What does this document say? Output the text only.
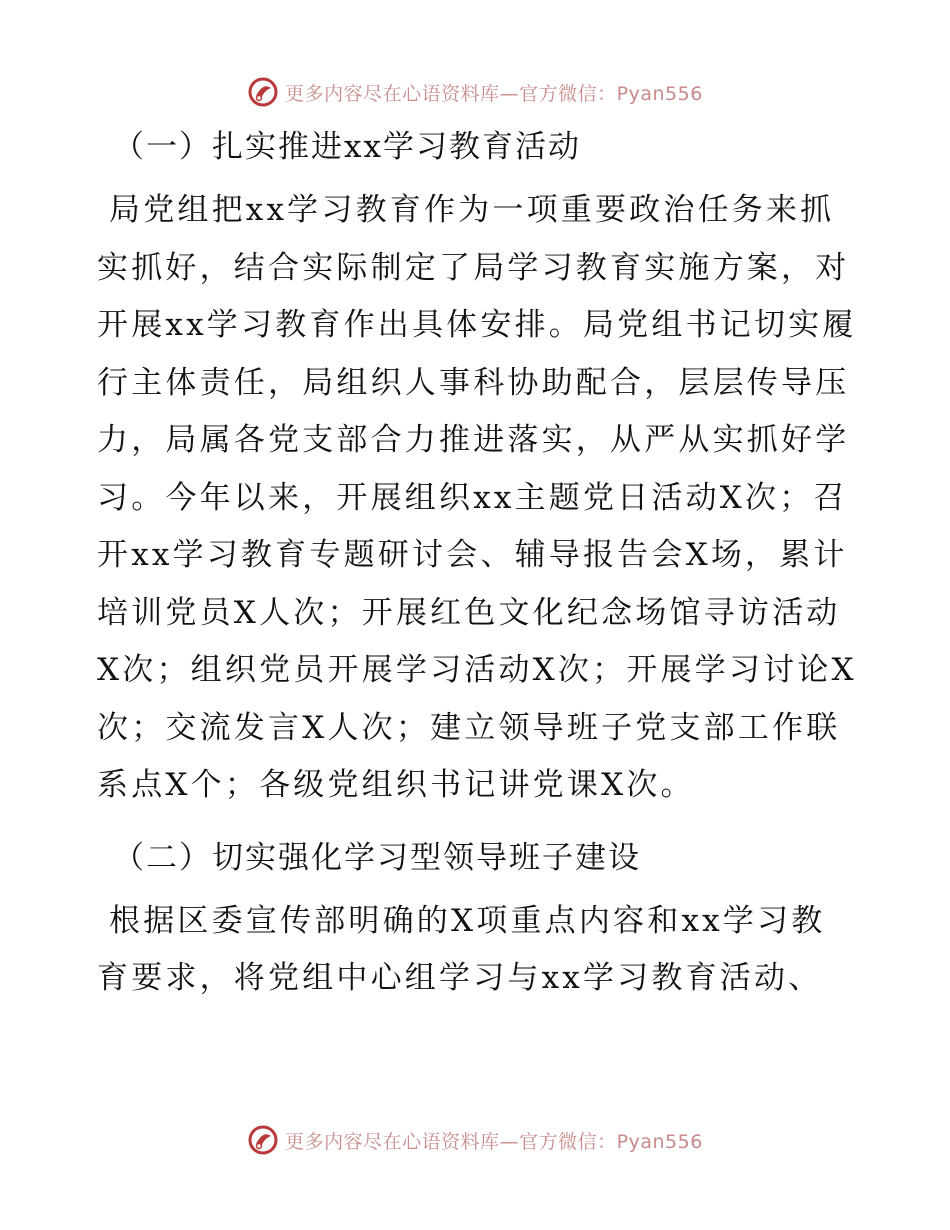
更多内容尽在心语资料库—官方微信：Pyan556
（一）扎实推进xx学习教育活动

局党组把xx学习教育作为一项重要政治任务来抓实抓好，结合实际制定了局学习教育实施方案，对开展xx学习教育作出具体安排。局党组书记切实履行主体责任，局组织人事科协助配合，层层传导压力，局属各党支部合力推进落实，从严从实抓好学习。今年以来，开展组织xx主题党日活动X次；召开xx学习教育专题研讨会、辅导报告会X场，累计培训党员X人次；开展红色文化纪念场馆寻访活动X次；组织党员开展学习活动X次；开展学习讨论X次；交流发言X人次；建立领导班子党支部工作联系点X个；各级党组织书记讲党课X次。

（二）切实强化学习型领导班子建设

根据区委宣传部明确的X项重点内容和xx学习教育要求，将党组中心组学习与xx学习教育活动、

更多内容尽在心语资料库—官方微信：Pyan556
